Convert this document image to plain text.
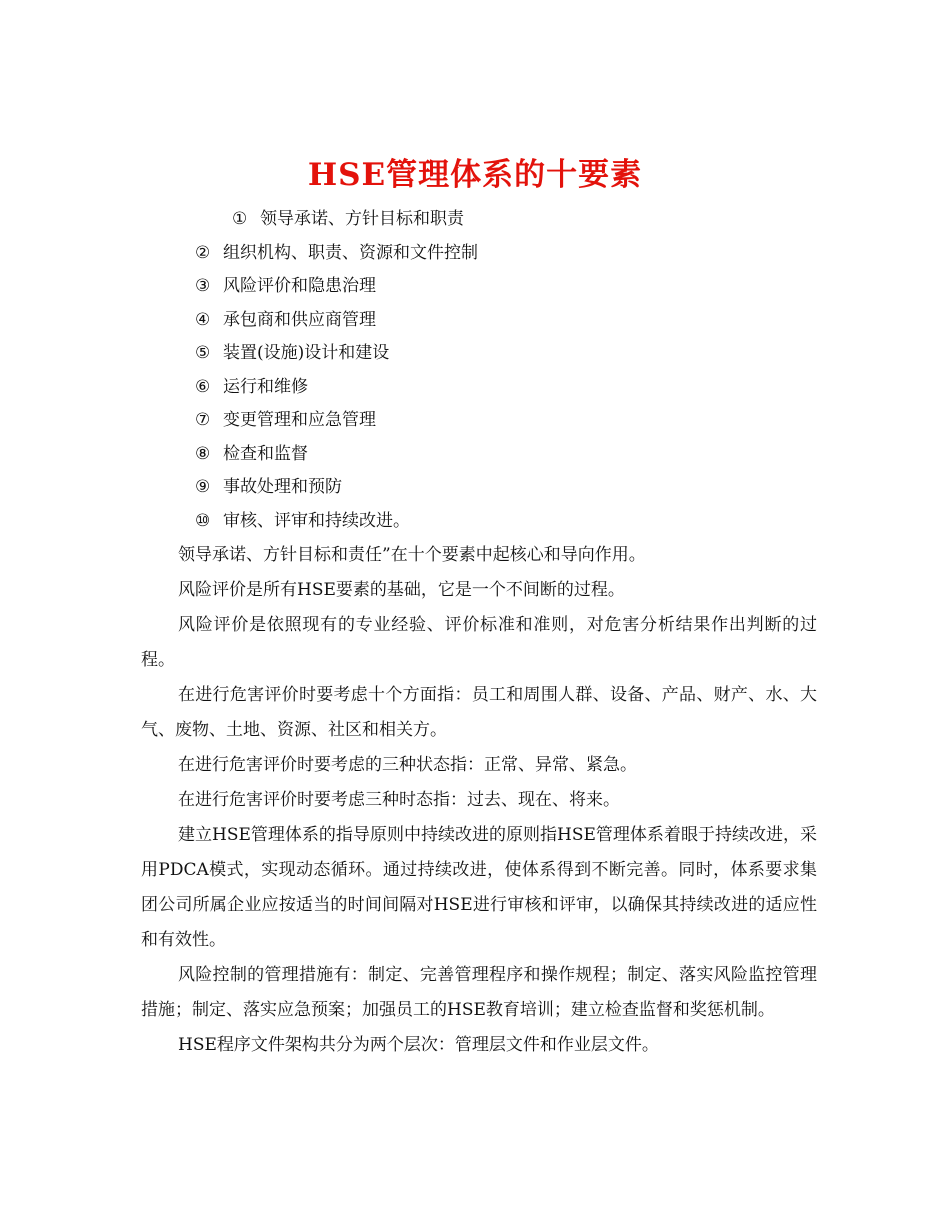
HSE管理体系的十要素
① 领导承诺、方针目标和职责
② 组织机构、职责、资源和文件控制
③ 风险评价和隐患治理
④ 承包商和供应商管理
⑤ 装置(设施)设计和建设
⑥ 运行和维修
⑦ 变更管理和应急管理
⑧ 检查和监督
⑨ 事故处理和预防
⑩ 审核、评审和持续改进。

领导承诺、方针目标和责任”在十个要素中起核心和导向作用。

风险评价是所有HSE要素的基础，它是一个不间断的过程。

风险评价是依照现有的专业经验、评价标准和准则，对危害分析结果作出判断的过程。

在进行危害评价时要考虑十个方面指：员工和周围人群、设备、产品、财产、水、大气、废物、土地、资源、社区和相关方。

在进行危害评价时要考虑的三种状态指：正常、异常、紧急。

在进行危害评价时要考虑三种时态指：过去、现在、将来。

建立HSE管理体系的指导原则中持续改进的原则指HSE管理体系着眼于持续改进，采用PDCA模式，实现动态循环。通过持续改进，使体系得到不断完善。同时，体系要求集团公司所属企业应按适当的时间间隔对HSE进行审核和评审，以确保其持续改进的适应性和有效性。

风险控制的管理措施有：制定、完善管理程序和操作规程；制定、落实风险监控管理措施；制定、落实应急预案；加强员工的HSE教育培训；建立检查监督和奖惩机制。

HSE程序文件架构共分为两个层次：管理层文件和作业层文件。
